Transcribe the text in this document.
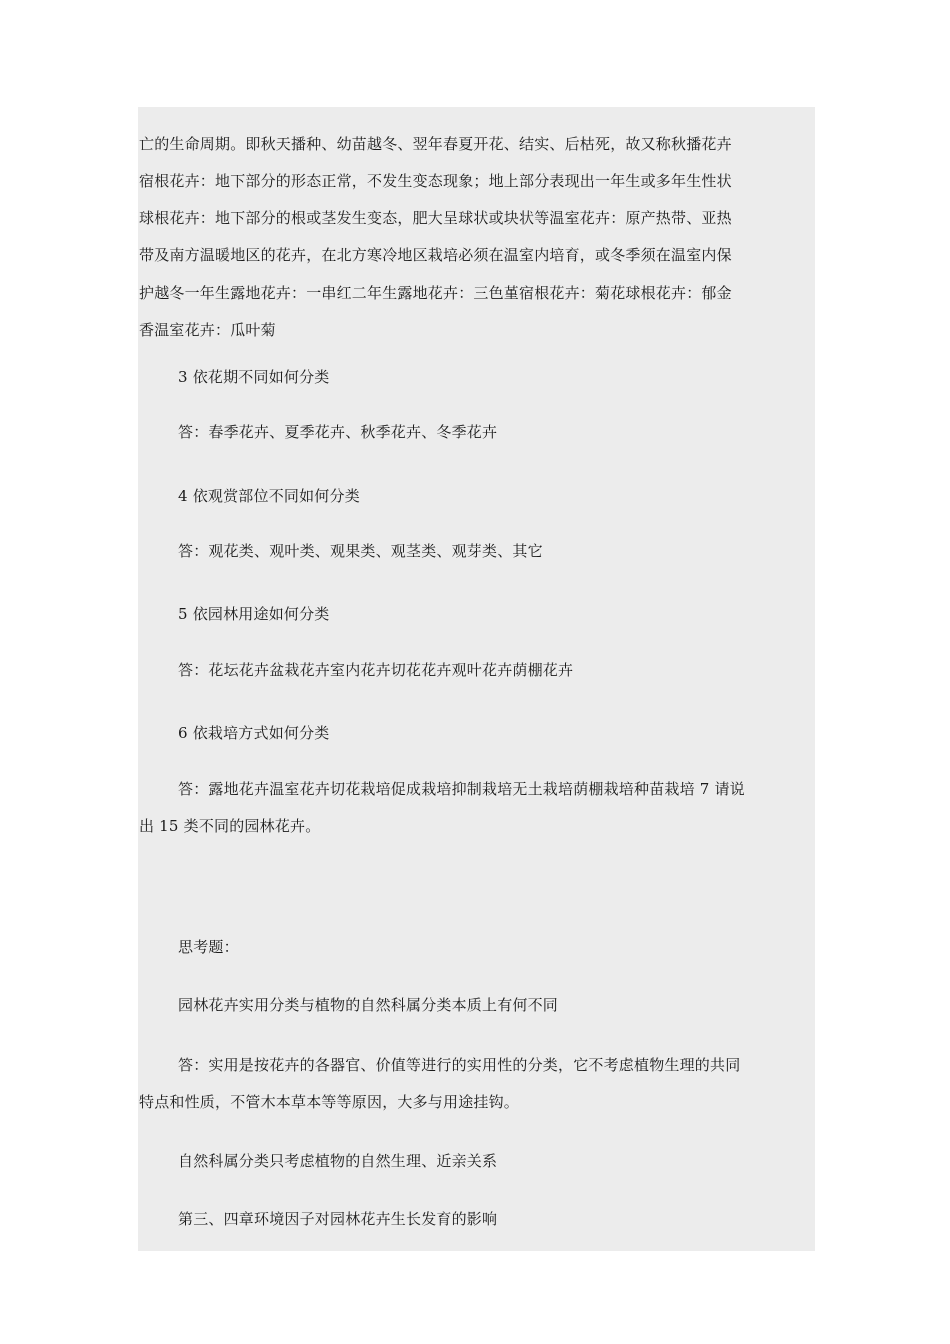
亡的生命周期。即秋天播种、幼苗越冬、翌年春夏开花、结实、后枯死，故又称秋播花卉
宿根花卉：地下部分的形态正常，不发生变态现象；地上部分表现出一年生或多年生性状
球根花卉：地下部分的根或茎发生变态，肥大呈球状或块状等温室花卉：原产热带、亚热
带及南方温暖地区的花卉，在北方寒冷地区栽培必须在温室内培育，或冬季须在温室内保
护越冬一年生露地花卉：一串红二年生露地花卉：三色堇宿根花卉：菊花球根花卉：郁金
香温室花卉：瓜叶菊
3 依花期不同如何分类
答：春季花卉、夏季花卉、秋季花卉、冬季花卉
4 依观赏部位不同如何分类
答：观花类、观叶类、观果类、观茎类、观芽类、其它
5 依园林用途如何分类
答：花坛花卉盆栽花卉室内花卉切花花卉观叶花卉荫棚花卉
6 依栽培方式如何分类
答：露地花卉温室花卉切花栽培促成栽培抑制栽培无土栽培荫棚栽培种苗栽培 7 请说
出 15 类不同的园林花卉。
思考题：
园林花卉实用分类与植物的自然科属分类本质上有何不同
答：实用是按花卉的各器官、价值等进行的实用性的分类，它不考虑植物生理的共同
特点和性质，不管木本草本等等原因，大多与用途挂钩。
自然科属分类只考虑植物的自然生理、近亲关系
第三、四章环境因子对园林花卉生长发育的影响
